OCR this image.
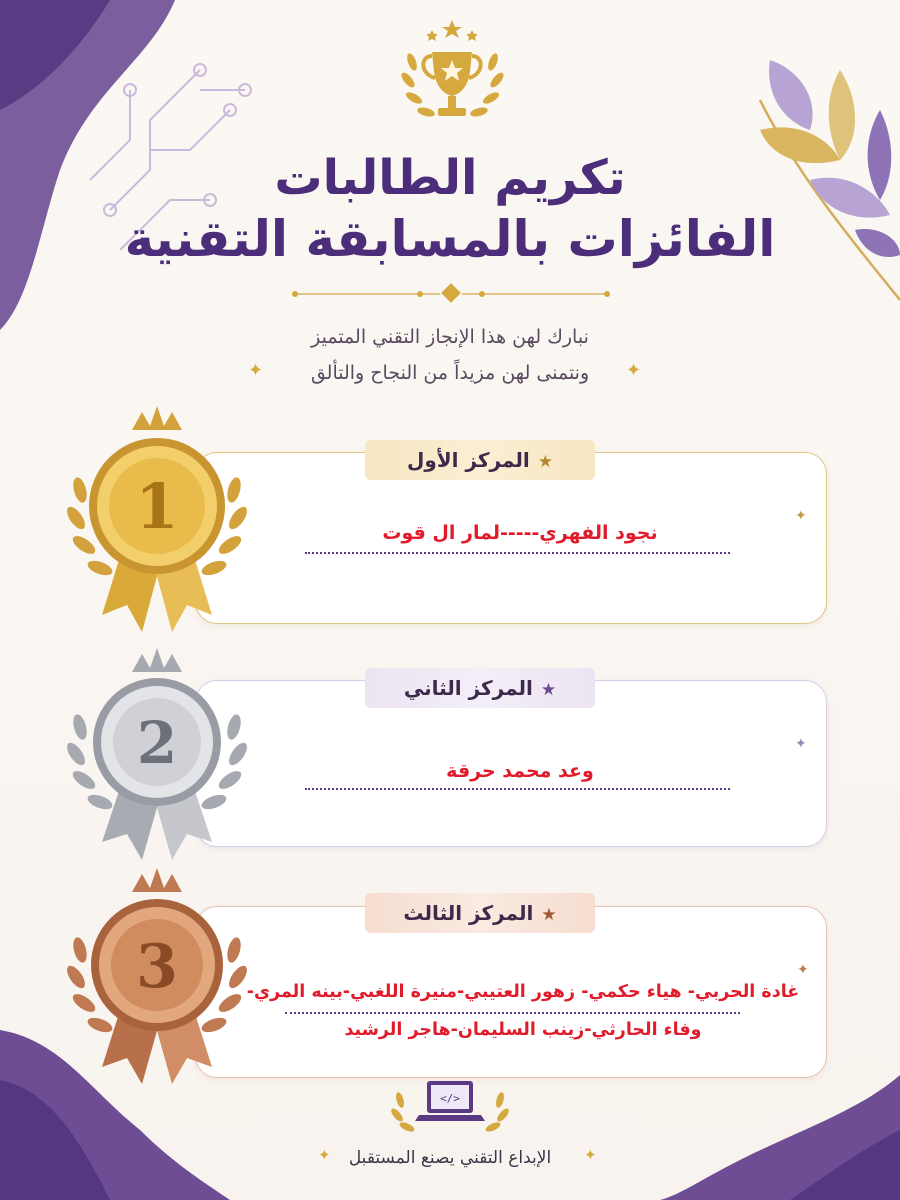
تكريم الطالبات
الفائزات بالمسابقة التقنية
نبارك لهن هذا الإنجاز التقني المتميز
ونتمنى لهن مزيداً من النجاح والتألق
✦	✦
★المركز الأول
★المركز الثاني
★المركز الثالث
نجود الفهري-----لمار ال قوت
✦
وعد محمد حرقة
✦
غادة الحربي- هياء حكمي- زهور العتيبي-منيرة اللغبي-بينه المري-
وفاء الحارثي-زينب السليمان-هاجر الرشيد
✦
1
2
3
</>
الإبداع التقني يصنع المستقبل
✦	✦
